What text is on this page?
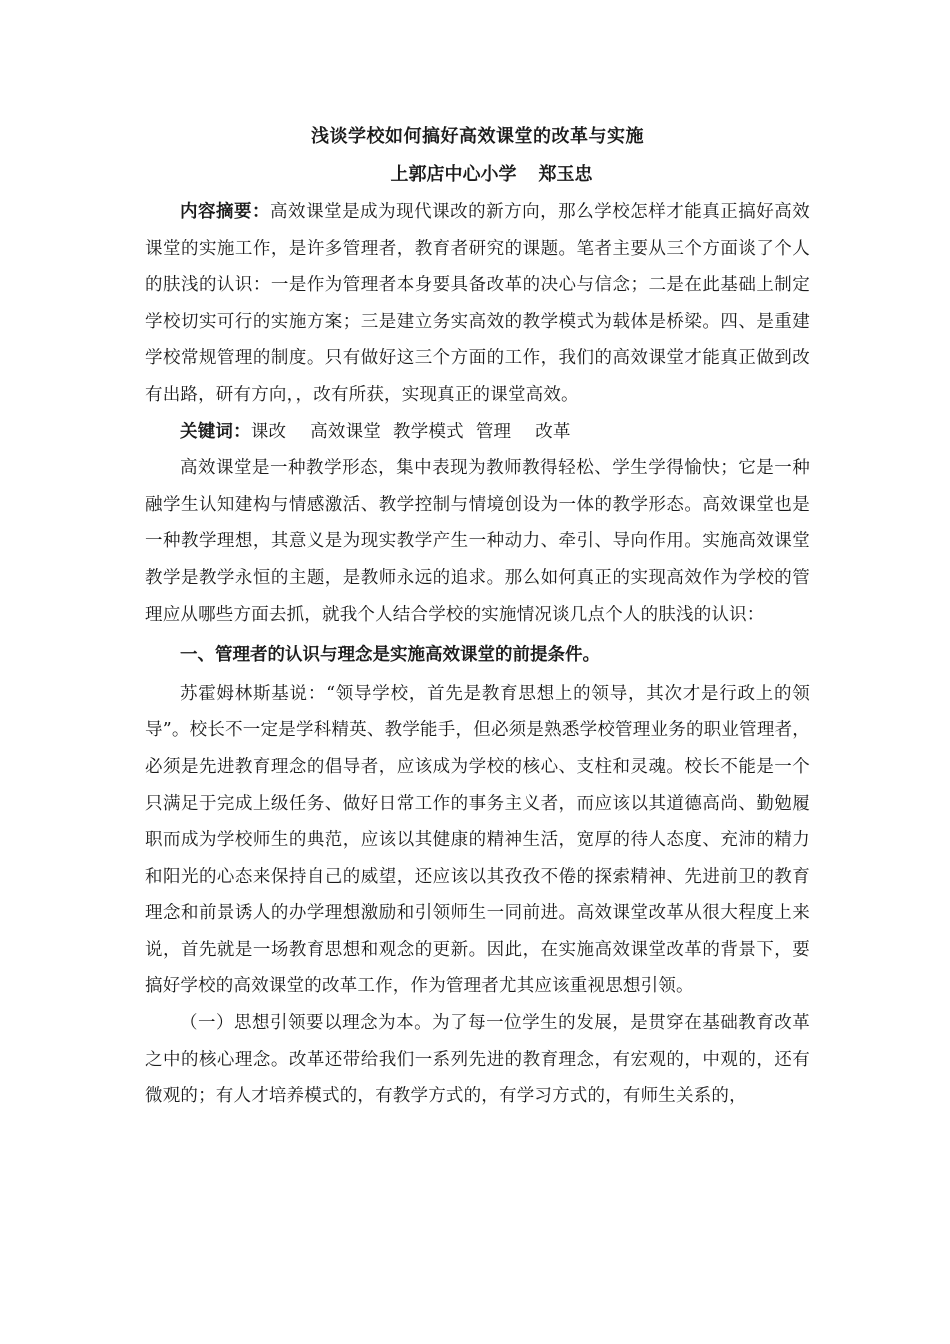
浅谈学校如何搞好高效课堂的改革与实施
上郭店中心小学 郑玉忠

内容摘要：高效课堂是成为现代课改的新方向，那么学校怎样才能真正搞好高效课堂的实施工作，是许多管理者，教育者研究的课题。笔者主要从三个方面谈了个人的肤浅的认识：一是作为管理者本身要具备改革的决心与信念；二是在此基础上制定学校切实可行的实施方案；三是建立务实高效的教学模式为载体是桥梁。四、是重建学校常规管理的制度。只有做好这三个方面的工作，我们的高效课堂才能真正做到改有出路，研有方向，，改有所获，实现真正的课堂高效。

关键词：课改 高效课堂 教学模式 管理 改革

高效课堂是一种教学形态，集中表现为教师教得轻松、学生学得愉快；它是一种融学生认知建构与情感激活、教学控制与情境创设为一体的教学形态。高效课堂也是一种教学理想，其意义是为现实教学产生一种动力、牵引、导向作用。实施高效课堂教学是教学永恒的主题，是教师永远的追求。那么如何真正的实现高效作为学校的管理应从哪些方面去抓，就我个人结合学校的实施情况谈几点个人的肤浅的认识：

一、管理者的认识与理念是实施高效课堂的前提条件。

苏霍姆林斯基说：“领导学校，首先是教育思想上的领导，其次才是行政上的领导”。校长不一定是学科精英、教学能手，但必须是熟悉学校管理业务的职业管理者，必须是先进教育理念的倡导者，应该成为学校的核心、支柱和灵魂。校长不能是一个只满足于完成上级任务、做好日常工作的事务主义者，而应该以其道德高尚、勤勉履职而成为学校师生的典范，应该以其健康的精神生活，宽厚的待人态度、充沛的精力和阳光的心态来保持自己的威望，还应该以其孜孜不倦的探索精神、先进前卫的教育理念和前景诱人的办学理想激励和引领师生一同前进。高效课堂改革从很大程度上来说，首先就是一场教育思想和观念的更新。因此，在实施高效课堂改革的背景下，要搞好学校的高效课堂的改革工作，作为管理者尤其应该重视思想引领。

（一）思想引领要以理念为本。为了每一位学生的发展，是贯穿在基础教育改革之中的核心理念。改革还带给我们一系列先进的教育理念，有宏观的，中观的，还有微观的；有人才培养模式的，有教学方式的，有学习方式的，有师生关系的，
